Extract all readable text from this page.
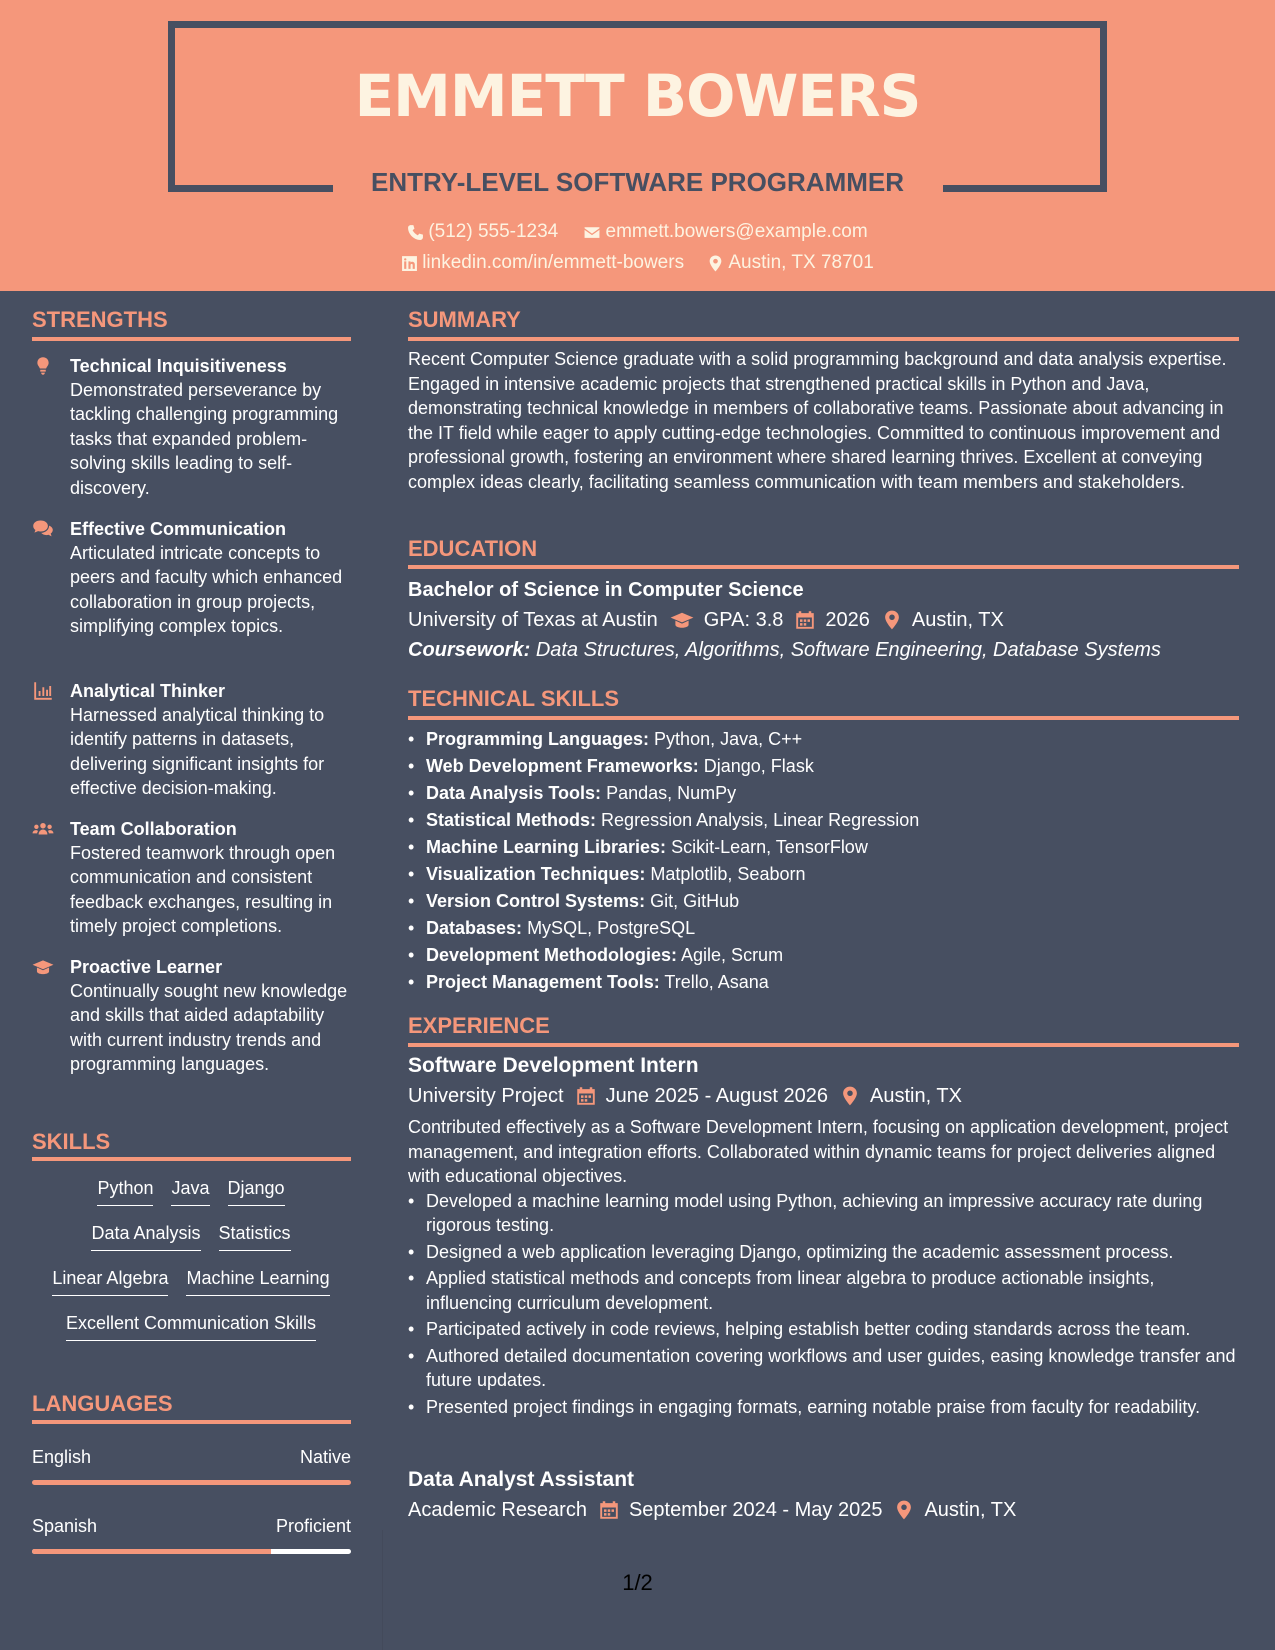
EMMETT BOWERS
ENTRY-LEVEL SOFTWARE PROGRAMMER
(512) 555-1234
emmett.bowers@example.com
linkedin.com/in/emmett-bowers
Austin, TX 78701
STRENGTHS
Technical Inquisitiveness
Demonstrated perseverance by tackling challenging programming tasks that expanded problem-solving skills leading to self-discovery.
Effective Communication
Articulated intricate concepts to peers and faculty which enhanced collaboration in group projects, simplifying complex topics.
Analytical Thinker
Harnessed analytical thinking to identify patterns in datasets, delivering significant insights for effective decision-making.
Team Collaboration
Fostered teamwork through open communication and consistent feedback exchanges, resulting in timely project completions.
Proactive Learner
Continually sought new knowledge and skills that aided adaptability with current industry trends and programming languages.
SKILLS
Python Java Django
Data Analysis Statistics
Linear Algebra Machine Learning
Excellent Communication Skills
LANGUAGES
English	Native
Spanish	Proficient
SUMMARY
Recent Computer Science graduate with a solid programming background and data analysis expertise. Engaged in intensive academic projects that strengthened practical skills in Python and Java, demonstrating technical knowledge in members of collaborative teams. Passionate about advancing in the IT field while eager to apply cutting-edge technologies. Committed to continuous improvement and professional growth, fostering an environment where shared learning thrives. Excellent at conveying complex ideas clearly, facilitating seamless communication with team members and stakeholders.
EDUCATION
Bachelor of Science in Computer Science
University of Texas at Austin GPA: 3.8 2026 Austin, TX
Coursework: Data Structures, Algorithms, Software Engineering, Database Systems
TECHNICAL SKILLS
• Programming Languages: Python, Java, C++
• Web Development Frameworks: Django, Flask
• Data Analysis Tools: Pandas, NumPy
• Statistical Methods: Regression Analysis, Linear Regression
• Machine Learning Libraries: Scikit-Learn, TensorFlow
• Visualization Techniques: Matplotlib, Seaborn
• Version Control Systems: Git, GitHub
• Databases: MySQL, PostgreSQL
• Development Methodologies: Agile, Scrum
• Project Management Tools: Trello, Asana
EXPERIENCE
Software Development Intern
University Project June 2025 - August 2026 Austin, TX
Contributed effectively as a Software Development Intern, focusing on application development, project management, and integration efforts. Collaborated within dynamic teams for project deliveries aligned with educational objectives.
• Developed a machine learning model using Python, achieving an impressive accuracy rate during rigorous testing.
• Designed a web application leveraging Django, optimizing the academic assessment process.
• Applied statistical methods and concepts from linear algebra to produce actionable insights, influencing curriculum development.
• Participated actively in code reviews, helping establish better coding standards across the team.
• Authored detailed documentation covering workflows and user guides, easing knowledge transfer and future updates.
• Presented project findings in engaging formats, earning notable praise from faculty for readability.
Data Analyst Assistant
Academic Research September 2024 - May 2025 Austin, TX
1/2
